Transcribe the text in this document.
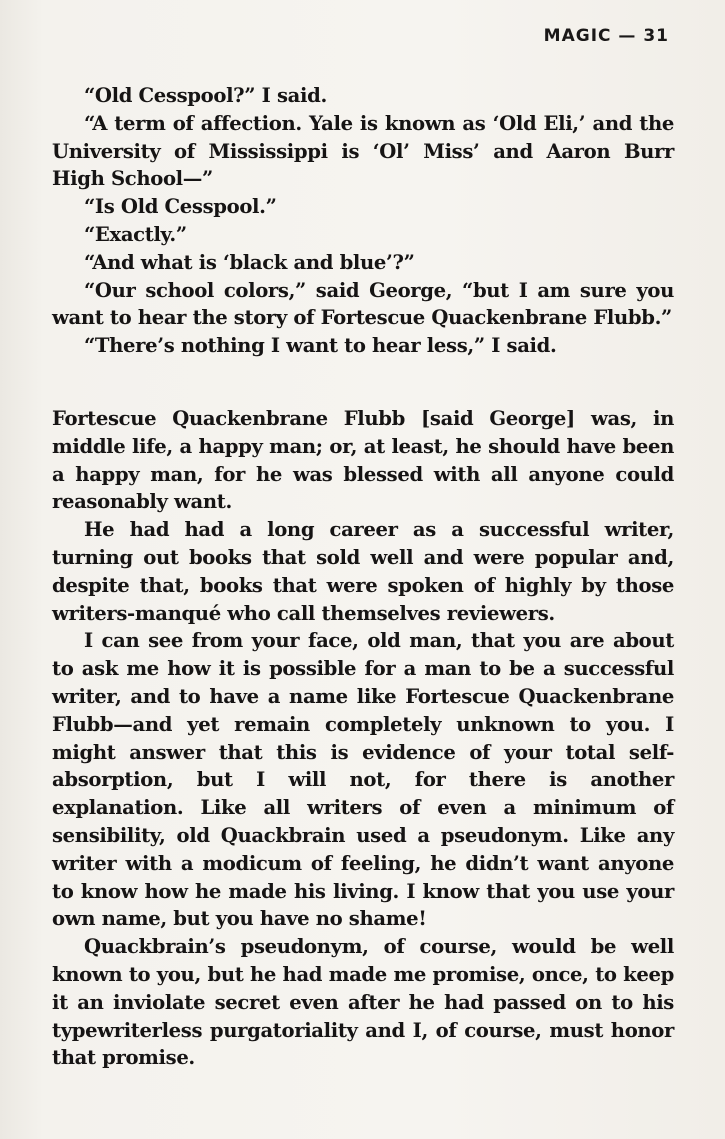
MAGIC — 31

“Old Cesspool?” I said.

“A term of affection. Yale is known as ‘Old Eli,’ and the University of Mississippi is ‘Ol’ Miss’ and Aaron Burr High School—”

“Is Old Cesspool.”

“Exactly.”

“And what is ‘black and blue’?”

“Our school colors,” said George, “but I am sure you want to hear the story of Fortescue Quackenbrane Flubb.”

“There’s nothing I want to hear less,” I said.

Fortescue Quackenbrane Flubb [said George] was, in middle life, a happy man; or, at least, he should have been a happy man, for he was blessed with all anyone could reasonably want.

He had had a long career as a successful writer, turning out books that sold well and were popular and, despite that, books that were spoken of highly by those writers-manqué who call themselves reviewers.

I can see from your face, old man, that you are about to ask me how it is possible for a man to be a successful writer, and to have a name like Fortescue Quackenbrane Flubb—and yet remain completely unknown to you. I might answer that this is evidence of your total self-absorption, but I will not, for there is another explanation. Like all writers of even a minimum of sensibility, old Quackbrain used a pseudonym. Like any writer with a modicum of feeling, he didn’t want anyone to know how he made his living. I know that you use your own name, but you have no shame!

Quackbrain’s pseudonym, of course, would be well known to you, but he had made me promise, once, to keep it an inviolate secret even after he had passed on to his typewriterless purgatoriality and I, of course, must honor that promise.
